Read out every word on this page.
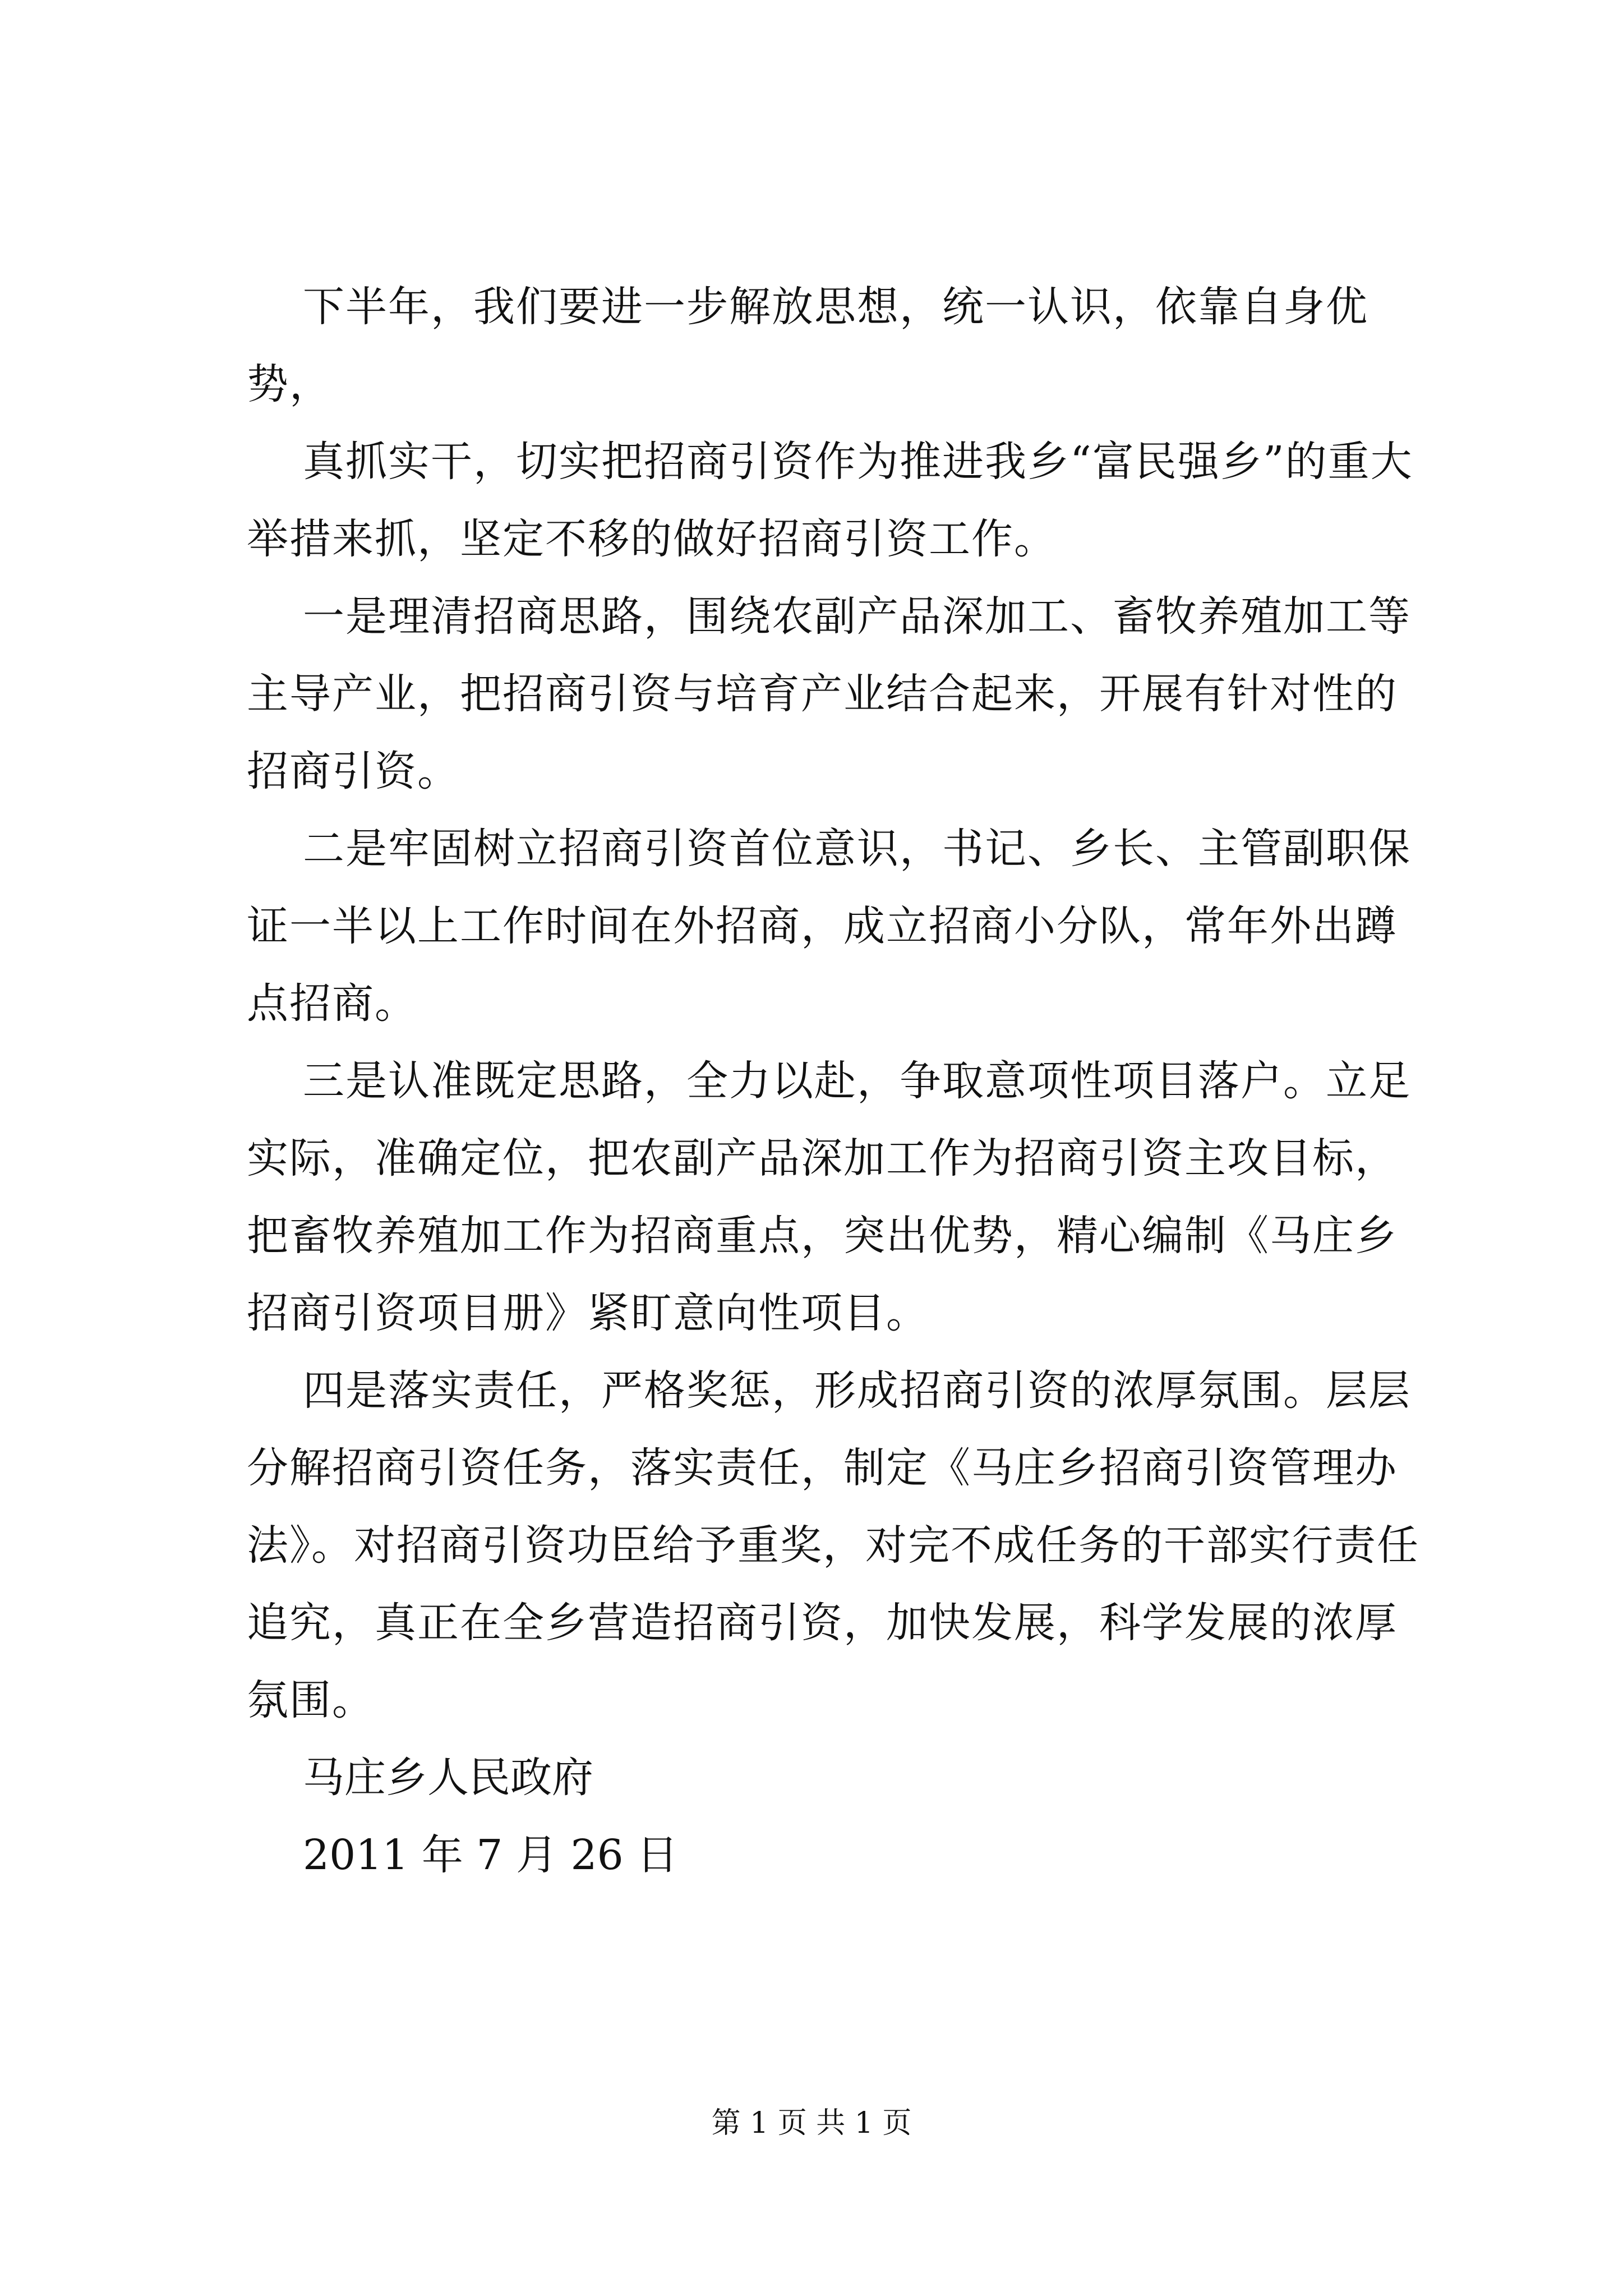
下半年，我们要进一步解放思想，统一认识，依靠自身优势，

真抓实干，切实把招商引资作为推进我乡“富民强乡”的重大举措来抓，坚定不移的做好招商引资工作。

一是理清招商思路，围绕农副产品深加工、畜牧养殖加工等主导产业，把招商引资与培育产业结合起来，开展有针对性的招商引资。

二是牢固树立招商引资首位意识，书记、乡长、主管副职保证一半以上工作时间在外招商，成立招商小分队，常年外出蹲点招商。

三是认准既定思路，全力以赴，争取意项性项目落户。立足实际，准确定位，把农副产品深加工作为招商引资主攻目标，把畜牧养殖加工作为招商重点，突出优势，精心编制《马庄乡招商引资项目册》紧盯意向性项目。

四是落实责任，严格奖惩，形成招商引资的浓厚氛围。层层分解招商引资任务，落实责任，制定《马庄乡招商引资管理办法》。对招商引资功臣给予重奖，对完不成任务的干部实行责任追究，真正在全乡营造招商引资，加快发展，科学发展的浓厚氛围。

马庄乡人民政府

2011 年 7 月 26 日

第 1 页 共 1 页
